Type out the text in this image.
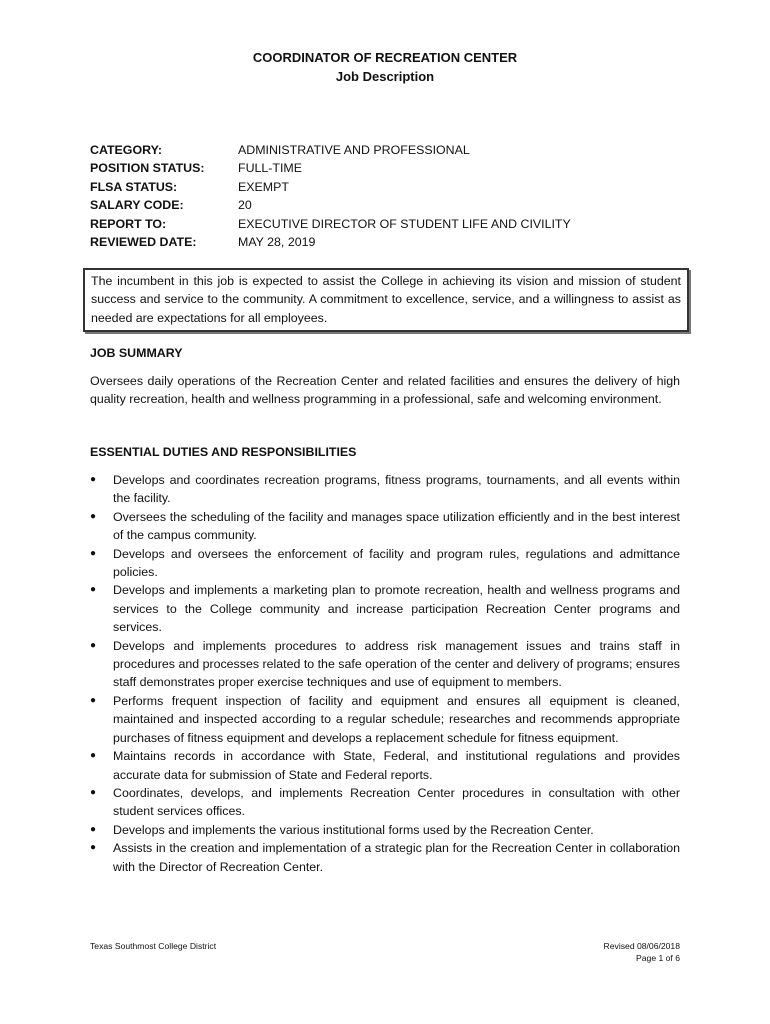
COORDINATOR OF RECREATION CENTER
Job Description
CATEGORY:	ADMINISTRATIVE AND PROFESSIONAL
POSITION STATUS:	FULL-TIME
FLSA STATUS:	EXEMPT
SALARY CODE:	20
REPORT TO:	EXECUTIVE DIRECTOR OF STUDENT LIFE AND CIVILITY
REVIEWED DATE:	MAY 28, 2019
The incumbent in this job is expected to assist the College in achieving its vision and mission of student success and service to the community. A commitment to excellence, service, and a willingness to assist as needed are expectations for all employees.
JOB SUMMARY
Oversees daily operations of the Recreation Center and related facilities and ensures the delivery of high quality recreation, health and wellness programming in a professional, safe and welcoming environment.
ESSENTIAL DUTIES AND RESPONSIBILITIES
●	Develops and coordinates recreation programs, fitness programs, tournaments, and all events within the facility.
●	Oversees the scheduling of the facility and manages space utilization efficiently and in the best interest of the campus community.
●	Develops and oversees the enforcement of facility and program rules, regulations and admittance policies.
●	Develops and implements a marketing plan to promote recreation, health and wellness programs and services to the College community and increase participation Recreation Center programs and services.
●	Develops and implements procedures to address risk management issues and trains staff in procedures and processes related to the safe operation of the center and delivery of programs; ensures staff demonstrates proper exercise techniques and use of equipment to members.
●	Performs frequent inspection of facility and equipment and ensures all equipment is cleaned, maintained and inspected according to a regular schedule; researches and recommends appropriate purchases of fitness equipment and develops a replacement schedule for fitness equipment.
●	Maintains records in accordance with State, Federal, and institutional regulations and provides accurate data for submission of State and Federal reports.
●	Coordinates, develops, and implements Recreation Center procedures in consultation with other student services offices.
●	Develops and implements the various institutional forms used by the Recreation Center.
●	Assists in the creation and implementation of a strategic plan for the Recreation Center in collaboration with the Director of Recreation Center.
Texas Southmost College District	Revised 08/06/2018
Page 1 of 6
